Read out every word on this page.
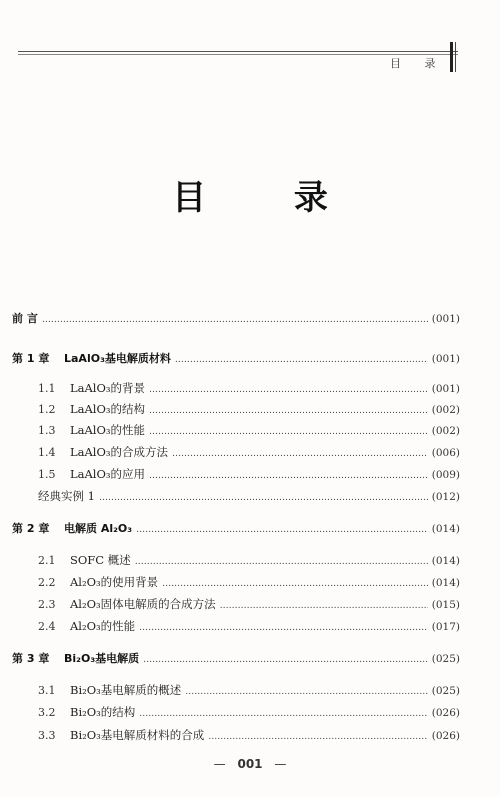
目 录
目 录
前 言 ……………………………………………………………………………………………………………………………………………………………………	(001)
第 1 章	LaAlO₃基电解质材料 ……………………………………………………………………………………………………………………………………………………………………	(001)
1.1	LaAlO₃的背景 ……………………………………………………………………………………………………………………………………………………………………	(001)
1.2	LaAlO₃的结构 ……………………………………………………………………………………………………………………………………………………………………	(002)
1.3	LaAlO₃的性能 ……………………………………………………………………………………………………………………………………………………………………	(002)
1.4	LaAlO₃的合成方法 ……………………………………………………………………………………………………………………………………………………………………	(006)
1.5	LaAlO₃的应用 ……………………………………………………………………………………………………………………………………………………………………	(009)
经典实例 1 ……………………………………………………………………………………………………………………………………………………………………	(012)
第 2 章	电解质 Al₂O₃ ……………………………………………………………………………………………………………………………………………………………………	(014)
2.1	SOFC 概述 ……………………………………………………………………………………………………………………………………………………………………	(014)
2.2	Al₂O₃的使用背景 ……………………………………………………………………………………………………………………………………………………………………	(014)
2.3	Al₂O₃固体电解质的合成方法 ……………………………………………………………………………………………………………………………………………………………………	(015)
2.4	Al₂O₃的性能 ……………………………………………………………………………………………………………………………………………………………………	(017)
第 3 章	Bi₂O₃基电解质 ……………………………………………………………………………………………………………………………………………………………………	(025)
3.1	Bi₂O₃基电解质的概述 ……………………………………………………………………………………………………………………………………………………………………	(025)
3.2	Bi₂O₃的结构 ……………………………………………………………………………………………………………………………………………………………………	(026)
3.3	Bi₂O₃基电解质材料的合成 ……………………………………………………………………………………………………………………………………………………………………	(026)
— 001 —
